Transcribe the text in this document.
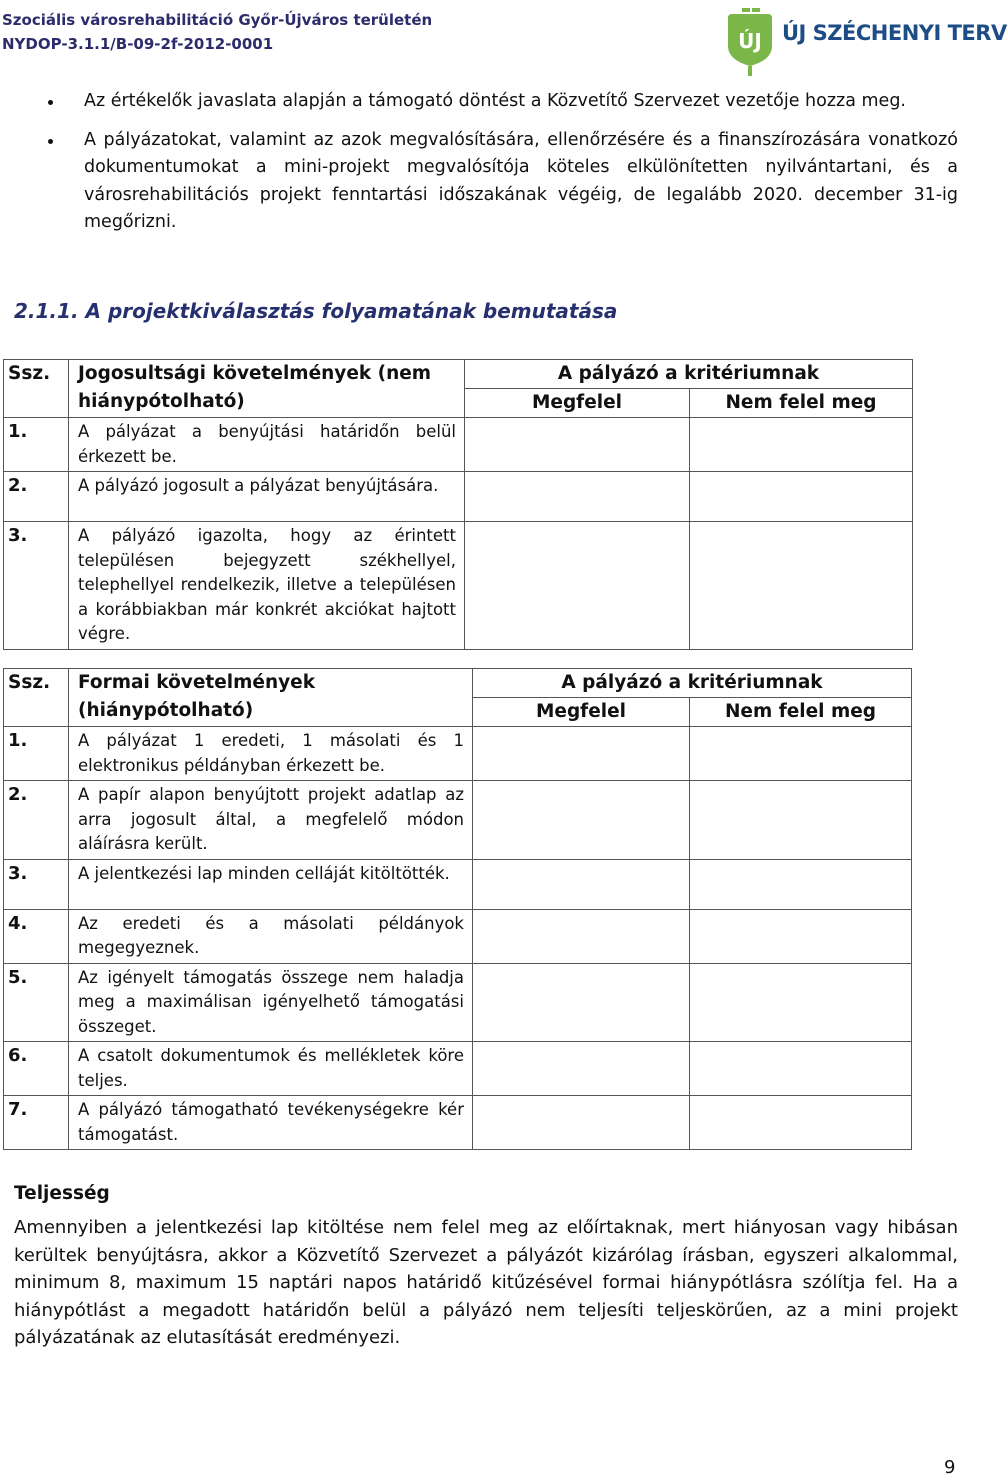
Szociális városrehabilitáció Győr-Újváros területén
NYDOP-3.1.1/B-09-2f-2012-0001	ÚJ ÚJ SZÉCHENYI TERV
Az értékelők javaslata alapján a támogató döntést a Közvetítő Szervezet vezetője hozza meg.
A pályázatokat, valamint az azok megvalósítására, ellenőrzésére és a finanszírozására vonatkozó dokumentumokat a mini-projekt megvalósítója köteles elkülönítetten nyilvántartani, és a városrehabilitációs projekt fenntartási időszakának végéig, de legalább 2020. december 31-ig megőrizni.
2.1.1. A projektkiválasztás folyamatának bemutatása
Ssz.	Jogosultsági követelmények (nem hiánypótolható)	A pályázó a kritériumnak	
		Megfelel	Nem felel meg
1.	A pályázat a benyújtási határidőn belül érkezett be.		
2.	A pályázó jogosult a pályázat benyújtására.		
3.	A pályázó igazolta, hogy az érintett településen bejegyzett székhellyel, telephellyel rendelkezik, illetve a településen a korábbiakban már konkrét akciókat hajtott végre.		
Ssz.	Formai követelmények (hiánypótolható)	A pályázó a kritériumnak	
		Megfelel	Nem felel meg
1.	A pályázat 1 eredeti, 1 másolati és 1 elektronikus példányban érkezett be.		
2.	A papír alapon benyújtott projekt adatlap az arra jogosult által, a megfelelő módon aláírásra került.		
3.	A jelentkezési lap minden celláját kitöltötték.		
4.	Az eredeti és a másolati példányok megegyeznek.		
5.	Az igényelt támogatás összege nem haladja meg a maximálisan igényelhető támogatási összeget.		
6.	A csatolt dokumentumok és mellékletek köre teljes.		
7.	A pályázó támogatható tevékenységekre kér támogatást.		
Teljesség
Amennyiben a jelentkezési lap kitöltése nem felel meg az előírtaknak, mert hiányosan vagy hibásan kerültek benyújtásra, akkor a Közvetítő Szervezet a pályázót kizárólag írásban, egyszeri alkalommal, minimum 8, maximum 15 naptári napos határidő kitűzésével formai hiánypótlásra szólítja fel. Ha a hiánypótlást a megadott határidőn belül a pályázó nem teljesíti teljeskörűen, az a mini projekt pályázatának az elutasítását eredményezi.
9
